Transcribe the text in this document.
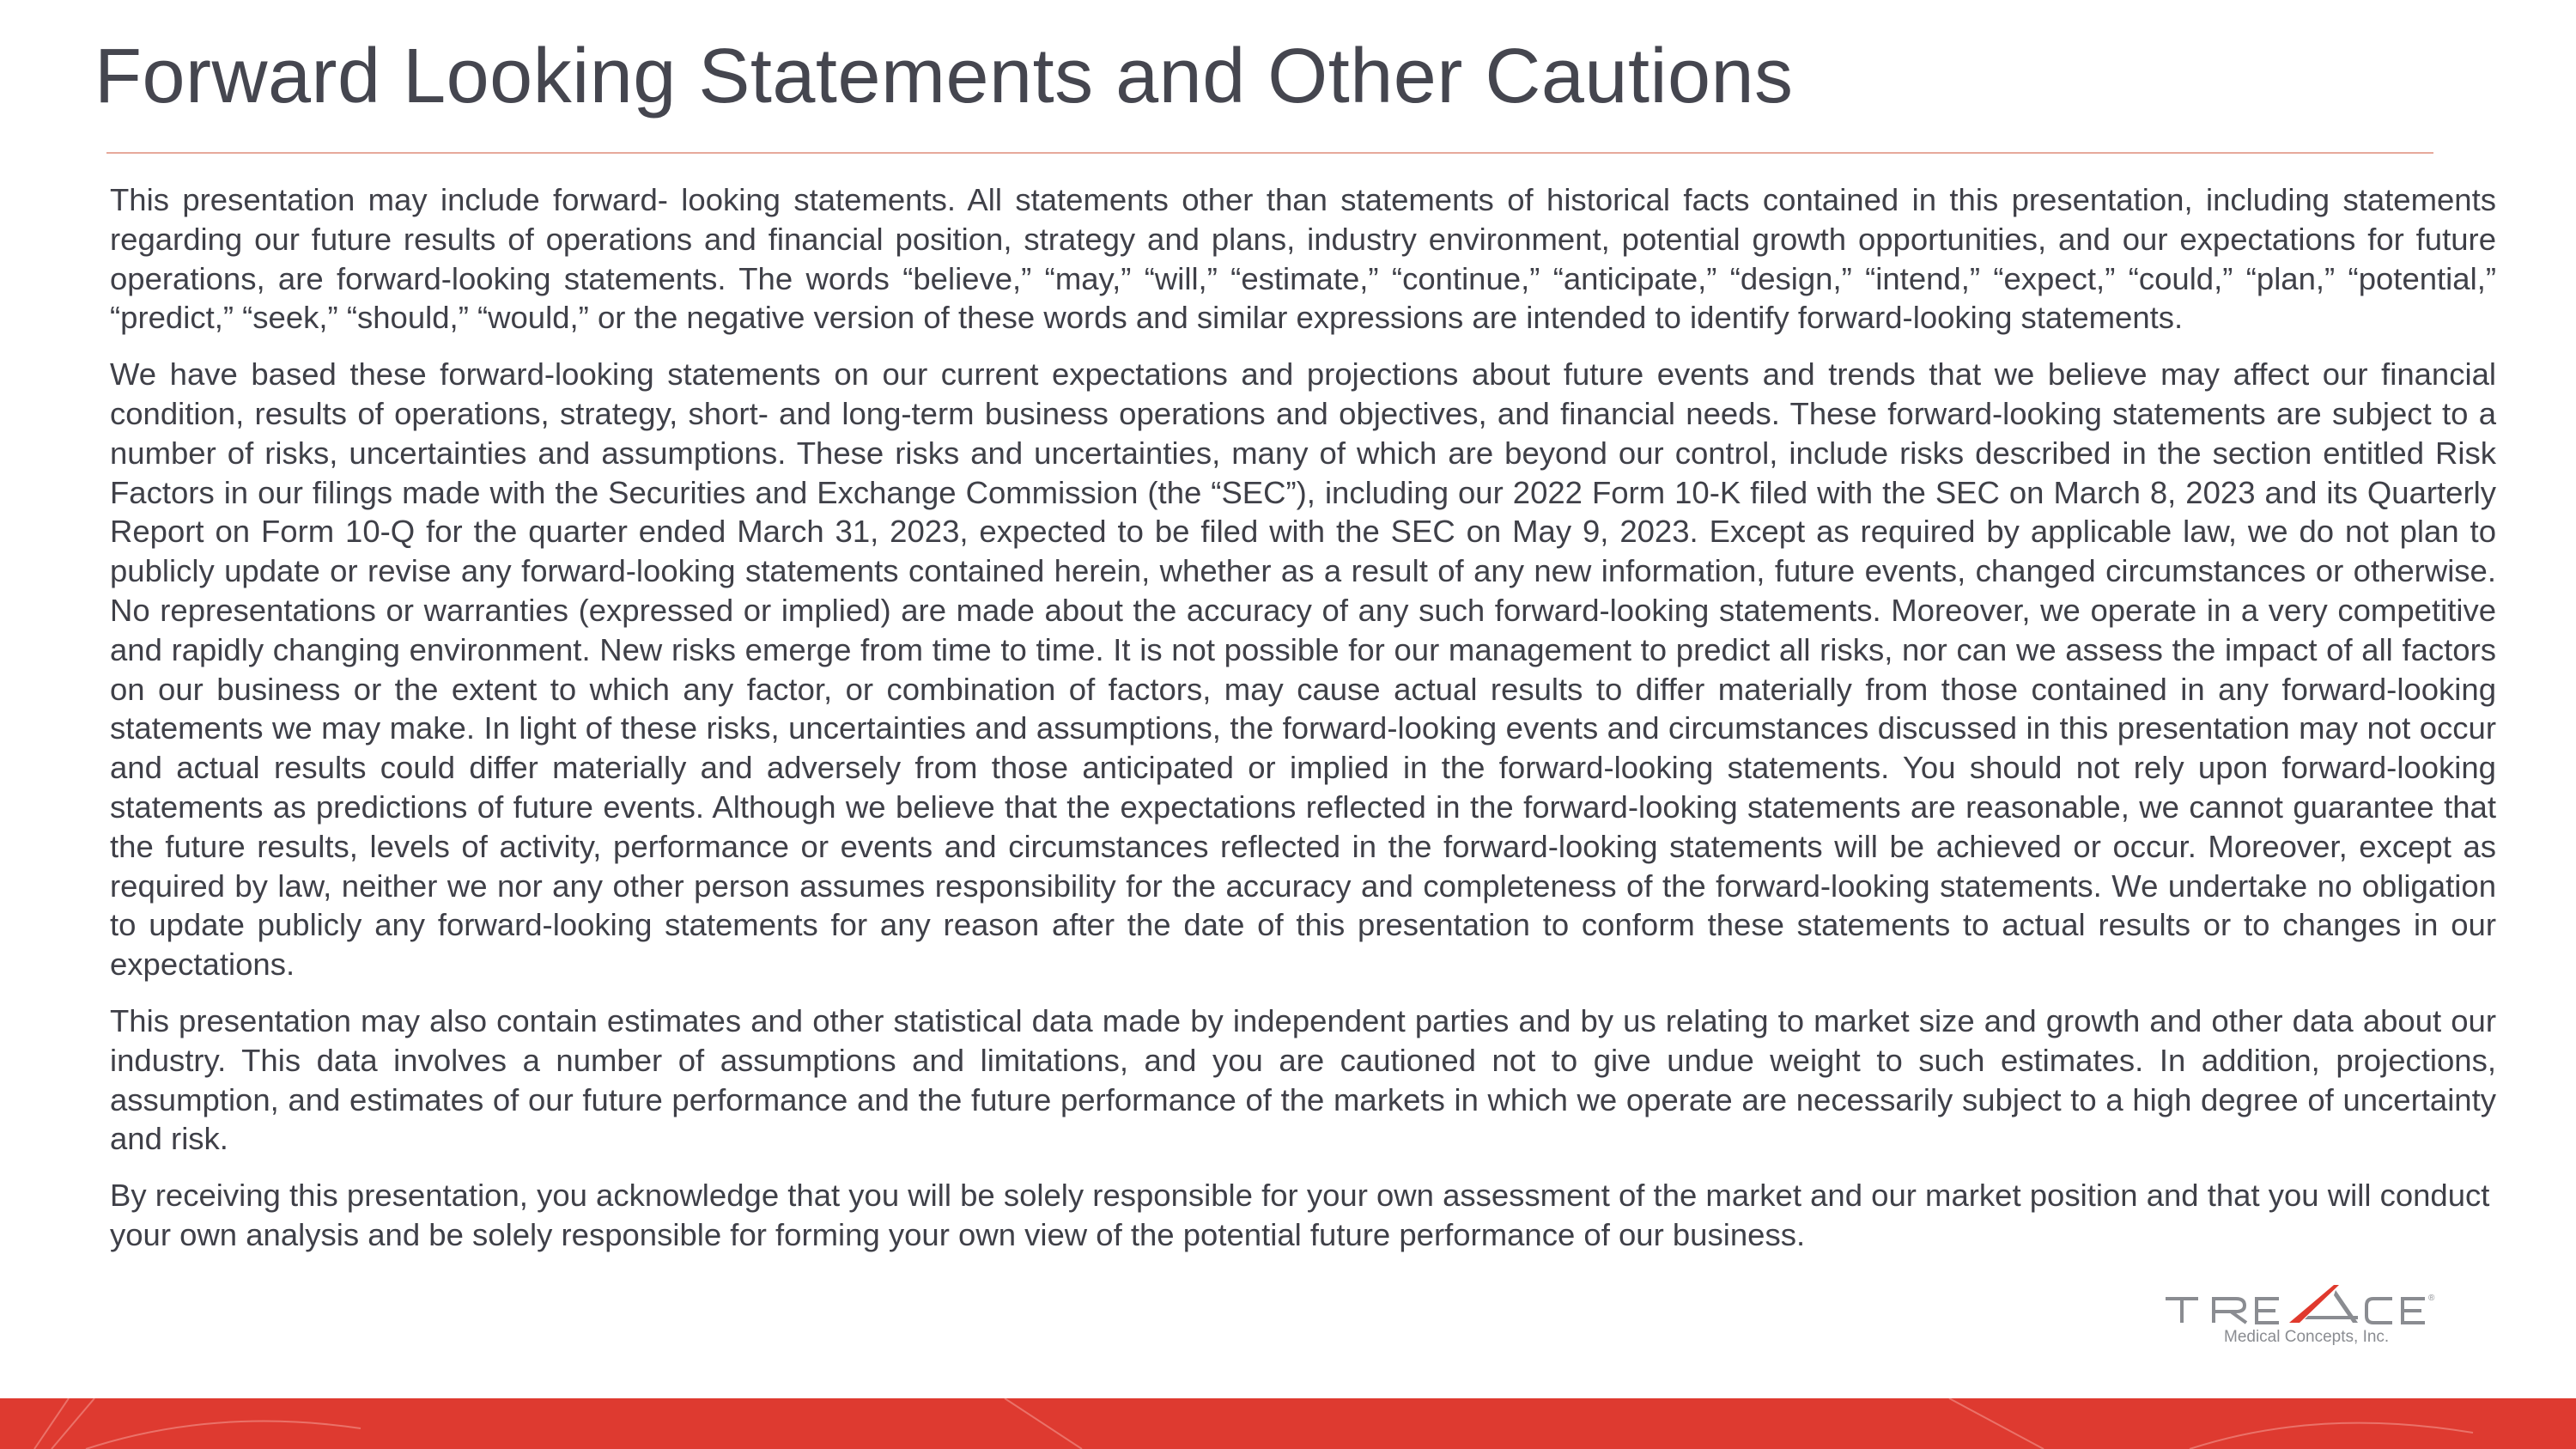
Forward Looking Statements and Other Cautions

This presentation may include forward- looking statements. All statements other than statements of historical facts contained in this presentation, including statements regarding our future results of operations and financial position, strategy and plans, industry environment, potential growth opportunities, and our expectations for future operations, are forward-looking statements. The words “believe,” “may,” “will,” “estimate,” “continue,” “anticipate,” “design,” “intend,” “expect,” “could,” “plan,” “potential,” “predict,” “seek,” “should,” “would,” or the negative version of these words and similar expressions are intended to identify forward-looking statements.

We have based these forward-looking statements on our current expectations and projections about future events and trends that we believe may affect our financial condition, results of operations, strategy, short- and long-term business operations and objectives, and financial needs. These forward-looking statements are subject to a number of risks, uncertainties and assumptions. These risks and uncertainties, many of which are beyond our control, include risks described in the section entitled Risk Factors in our filings made with the Securities and Exchange Commission (the “SEC”), including our 2022 Form 10-K filed with the SEC on March 8, 2023 and its Quarterly Report on Form 10-Q for the quarter ended March 31, 2023, expected to be filed with the SEC on May 9, 2023. Except as required by applicable law, we do not plan to publicly update or revise any forward-looking statements contained herein, whether as a result of any new information, future events, changed circumstances or otherwise. No representations or warranties (expressed or implied) are made about the accuracy of any such forward-looking statements. Moreover, we operate in a very competitive and rapidly changing environment. New risks emerge from time to time. It is not possible for our management to predict all risks, nor can we assess the impact of all factors on our business or the extent to which any factor, or combination of factors, may cause actual results to differ materially from those contained in any forward-looking statements we may make. In light of these risks, uncertainties and assumptions, the forward-looking events and circumstances discussed in this presentation may not occur and actual results could differ materially and adversely from those anticipated or implied in the forward-looking statements. You should not rely upon forward-looking statements as predictions of future events. Although we believe that the expectations reflected in the forward-looking statements are reasonable, we cannot guarantee that the future results, levels of activity, performance or events and circumstances reflected in the forward-looking statements will be achieved or occur. Moreover, except as required by law, neither we nor any other person assumes responsibility for the accuracy and completeness of the forward-looking statements. We undertake no obligation to update publicly any forward-looking statements for any reason after the date of this presentation to conform these statements to actual results or to changes in our expectations.

This presentation may also contain estimates and other statistical data made by independent parties and by us relating to market size and growth and other data about our industry. This data involves a number of assumptions and limitations, and you are cautioned not to give undue weight to such estimates. In addition, projections, assumption, and estimates of our future performance and the future performance of the markets in which we operate are necessarily subject to a high degree of uncertainty and risk.

By receiving this presentation, you acknowledge that you will be solely responsible for your own assessment of the market and our market position and that you will conduct your own analysis and be solely responsible for forming your own view of the potential future performance of our business.

®
Medical Concepts, Inc.
